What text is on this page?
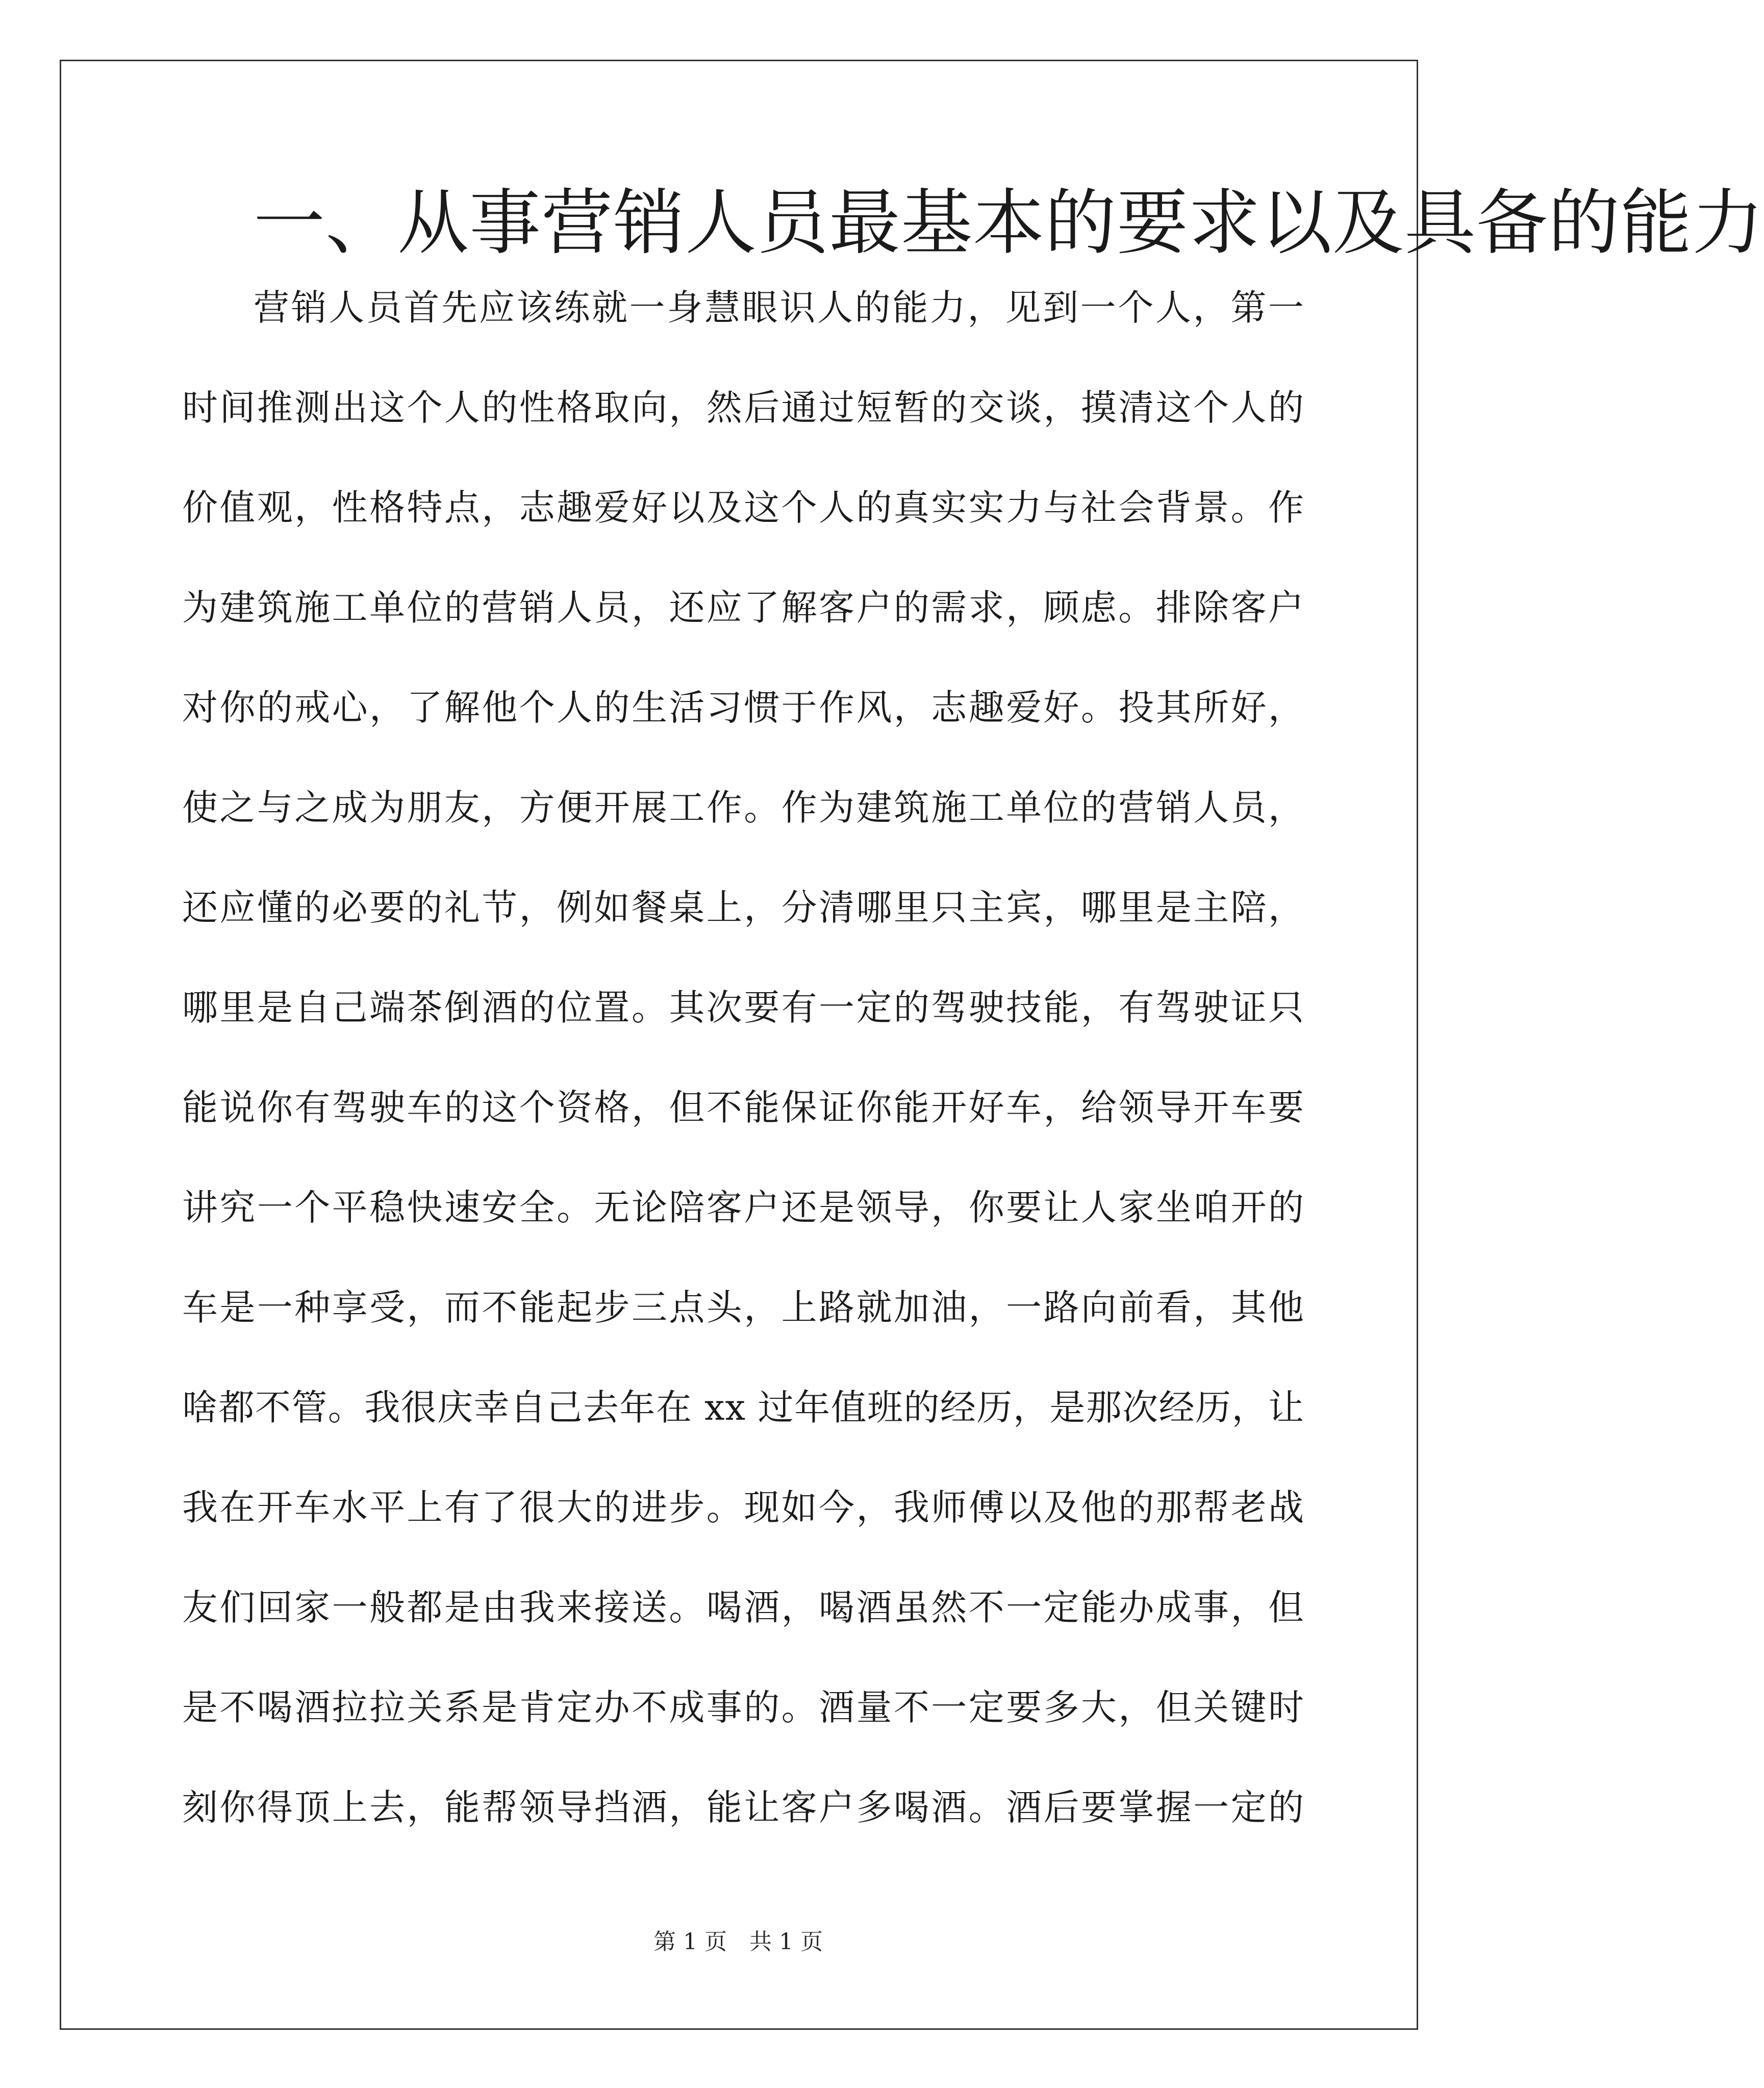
一、从事营销人员最基本的要求以及具备的能力
营销人员首先应该练就一身慧眼识人的能力，见到一个人，第一
时间推测出这个人的性格取向，然后通过短暂的交谈，摸清这个人的
价值观，性格特点，志趣爱好以及这个人的真实实力与社会背景。作
为建筑施工单位的营销人员，还应了解客户的需求，顾虑。排除客户
对你的戒心，了解他个人的生活习惯于作风，志趣爱好。投其所好，
使之与之成为朋友，方便开展工作。作为建筑施工单位的营销人员，
还应懂的必要的礼节，例如餐桌上，分清哪里只主宾，哪里是主陪，
哪里是自己端茶倒酒的位置。其次要有一定的驾驶技能，有驾驶证只
能说你有驾驶车的这个资格，但不能保证你能开好车，给领导开车要
讲究一个平稳快速安全。无论陪客户还是领导，你要让人家坐咱开的
车是一种享受，而不能起步三点头，上路就加油，一路向前看，其他
啥都不管。我很庆幸自己去年在 xx 过年值班的经历，是那次经历，让
我在开车水平上有了很大的进步。现如今，我师傅以及他的那帮老战
友们回家一般都是由我来接送。喝酒，喝酒虽然不一定能办成事，但
是不喝酒拉拉关系是肯定办不成事的。酒量不一定要多大，但关键时
刻你得顶上去，能帮领导挡酒，能让客户多喝酒。酒后要掌握一定的
第 1 页　共 1 页
